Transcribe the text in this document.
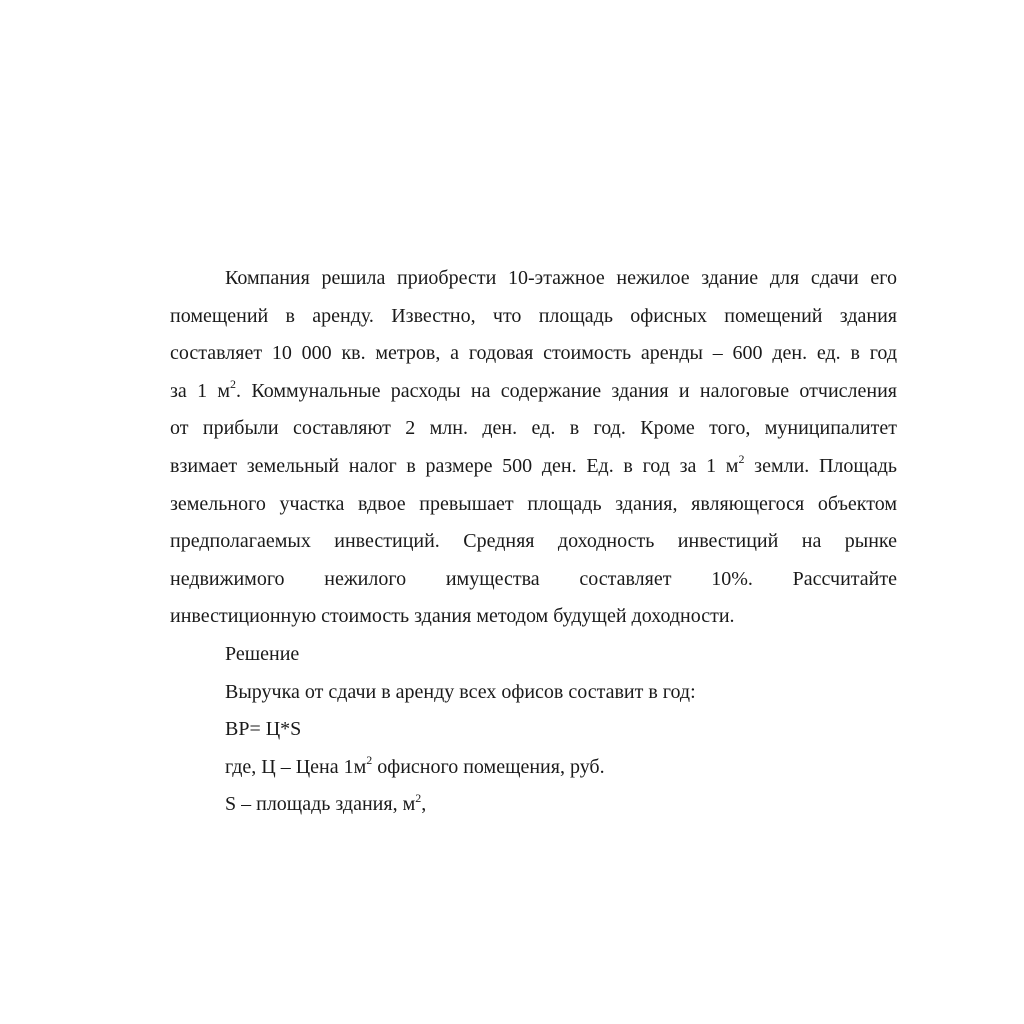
Компания решила приобрести 10-этажное нежилое здание для сдачи его
помещений в аренду. Известно, что площадь офисных помещений здания
составляет 10 000 кв. метров, а годовая стоимость аренды – 600 ден. ед. в год
за 1 $м^2$. Коммунальные расходы на содержание здания и налоговые отчисления
от прибыли составляют 2 млн. ден. ед. в год. Кроме того, муниципалитет
взимает земельный налог в размере 500 ден. Ед. в год за 1 $м^2$ земли. Площадь
земельного участка вдвое превышает площадь здания, являющегося объектом
предполагаемых инвестиций. Средняя доходность инвестиций на рынке
недвижимого нежилого имущества составляет 10%. Рассчитайте
инвестиционную стоимость здания методом будущей доходности.
Решение
Выручка от сдачи в аренду всех офисов составит в год:
ВР= Ц*S
где, Ц – Цена $1м^2$ офисного помещения, руб.
S – площадь здания, $м^2$,
